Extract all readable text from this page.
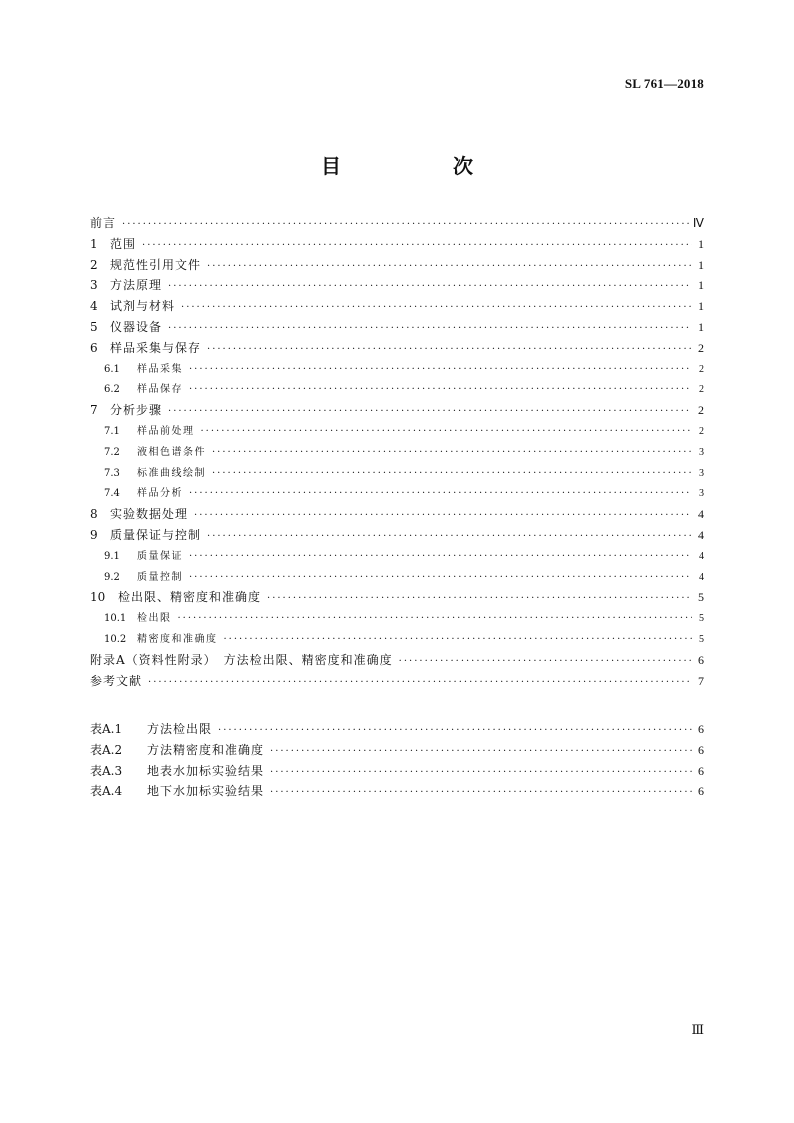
SL 761—2018
目　次
前言 ·····	Ⅳ
1	范围 ·····	1
2	规范性引用文件 ·····	1
3	方法原理 ·····	1
4	试剂与材料 ·····	1
5	仪器设备 ·····	1
6	样品采集与保存 ·····	2
6.1	样品采集 ·····	2
6.2	样品保存 ·····	2
7	分析步骤 ·····	2
7.1	样品前处理 ·····	2
7.2	液相色谱条件 ·····	3
7.3	标准曲线绘制 ·····	3
7.4	样品分析 ·····	3
8	实验数据处理 ·····	4
9	质量保证与控制 ·····	4
9.1	质量保证 ·····	4
9.2	质量控制 ·····	4
10	检出限、精密度和准确度 ·····	5
10.1	检出限 ·····	5
10.2	精密度和准确度 ·····	5
附录A（资料性附录）　方法检出限、精密度和准确度 ·····	6
参考文献 ·····	7
表A.1	方法检出限 ·····	6
表A.2	方法精密度和准确度 ·····	6
表A.3	地表水加标实验结果 ·····	6
表A.4	地下水加标实验结果 ·····	6
Ⅲ
